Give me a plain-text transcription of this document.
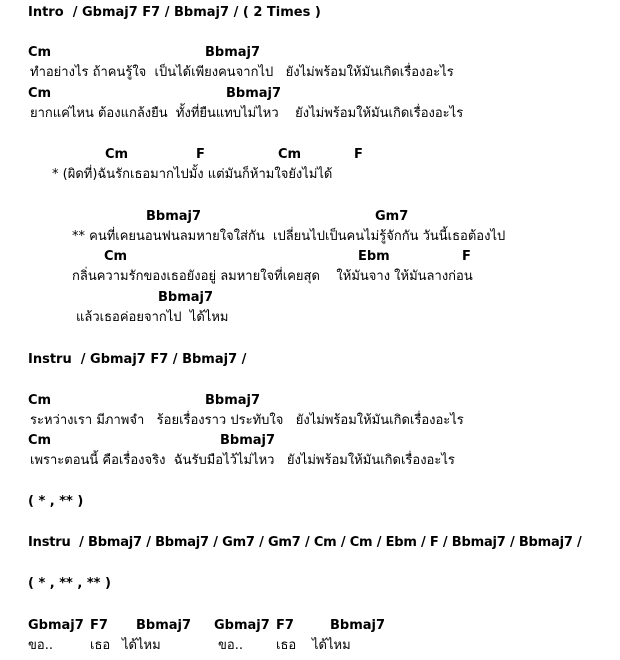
Intro  / Gbmaj7 F7 / Bbmaj7 / ( 2 Times )
Cm	Bbmaj7
ทำอย่างไร ถ้าคนรู้ใจ  เป็นได้เพียงคนจากไป   ยังไม่พร้อมให้มันเกิดเรื่องอะไร
Cm	Bbmaj7
ยากแค่ไหน ต้องแกล้งยืน  ทั้งที่ยืนแทบไม่ไหว    ยังไม่พร้อมให้มันเกิดเรื่องอะไร
Cm	F	Cm	F
* (ผิดที่)ฉันรักเธอมากไปมั้ง แต่มันก็ห้ามใจยังไม่ได้
Bbmaj7	Gm7
** คนที่เคยนอนฟนลมหายใจใส่กัน  เปลี่ยนไปเป็นคนไม่รู้จักกัน วันนี้เธอต้องไป
Cm	Ebm	F
กลิ่นความรักของเธอยังอยู่ ลมหายใจที่เคยสุด    ให้มันจาง ให้มันลางก่อน
Bbmaj7
แล้วเธอค่อยจากไป  ได้ไหม
Instru  / Gbmaj7 F7 / Bbmaj7 /
Cm	Bbmaj7
ระหว่างเรา มีภาพจำ   ร้อยเรื่องราว ประทับใจ   ยังไม่พร้อมให้มันเกิดเรื่องอะไร
Cm	Bbmaj7
เพราะตอนนี้ คือเรื่องจริง  ฉันรับมือไว้ไม่ไหว   ยังไม่พร้อมให้มันเกิดเรื่องอะไร
( * , ** )
Instru  / Bbmaj7 / Bbmaj7 / Gm7 / Gm7 / Cm / Cm / Ebm / F / Bbmaj7 / Bbmaj7 /
( * , ** , ** )
Gbmaj7 F7 Bbmaj7 Gbmaj7 F7	Bbmaj7
ขอ..	เธอ ได้ไหม	ขอ..	เธอ ได้ไหม
